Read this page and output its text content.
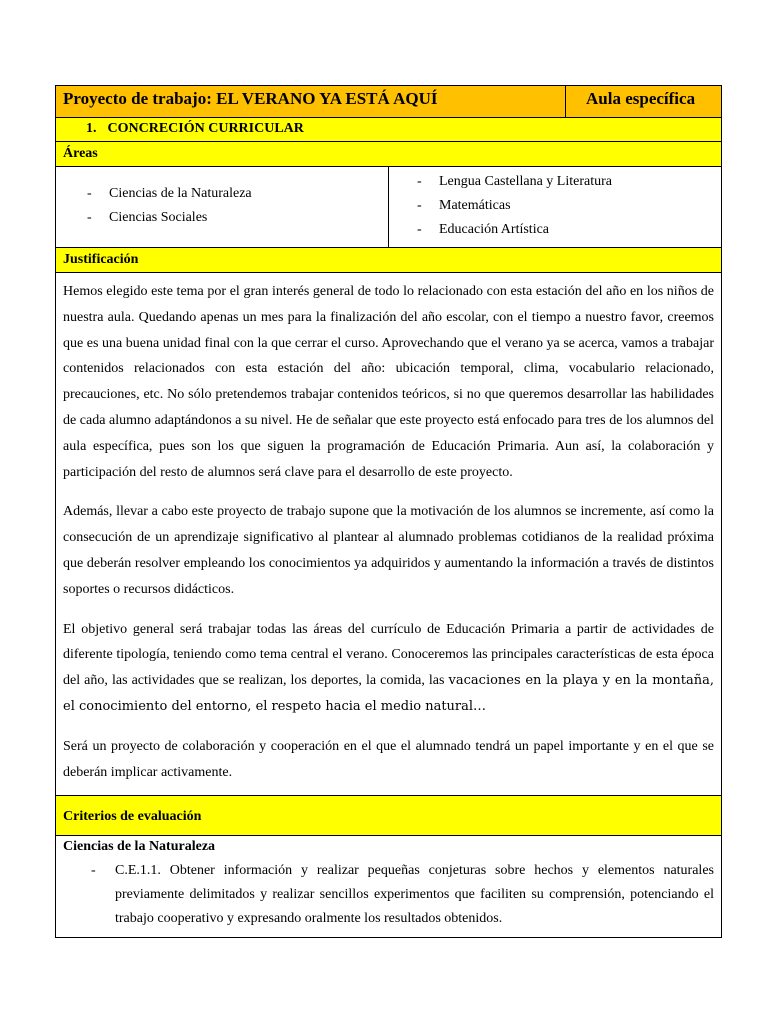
Proyecto de trabajo: EL VERANO YA ESTÁ AQUÍ	Aula específica
1. CONCRECIÓN CURRICULAR
Áreas
-	Ciencias de la Naturaleza
-	Ciencias Sociales
-	Lengua Castellana y Literatura
-	Matemáticas
-	Educación Artística
Justificación

Hemos elegido este tema por el gran interés general de todo lo relacionado con esta estación del año en los niños de nuestra aula. Quedando apenas un mes para la finalización del año escolar, con el tiempo a nuestro favor, creemos que es una buena unidad final con la que cerrar el curso. Aprovechando que el verano ya se acerca, vamos a trabajar contenidos relacionados con esta estación del año: ubicación temporal, clima, vocabulario relacionado, precauciones, etc. No sólo pretendemos trabajar contenidos teóricos, si no que queremos desarrollar las habilidades de cada alumno adaptándonos a su nivel. He de señalar que este proyecto está enfocado para tres de los alumnos del aula específica, pues son los que siguen la programación de Educación Primaria. Aun así, la colaboración y participación del resto de alumnos será clave para el desarrollo de este proyecto.

Además, llevar a cabo este proyecto de trabajo supone que la motivación de los alumnos se incremente, así como la consecución de un aprendizaje significativo al plantear al alumnado problemas cotidianos de la realidad próxima que deberán resolver empleando los conocimientos ya adquiridos y aumentando la información a través de distintos soportes o recursos didácticos.

El objetivo general será trabajar todas las áreas del currículo de Educación Primaria a partir de actividades de diferente tipología, teniendo como tema central el verano. Conoceremos las principales características de esta época del año, las actividades que se realizan, los deportes, la comida, las vacaciones en la playa y en la montaña, el conocimiento del entorno, el respeto hacia el medio natural…

Será un proyecto de colaboración y cooperación en el que el alumnado tendrá un papel importante y en el que se deberán implicar activamente.

Criterios de evaluación
Ciencias de la Naturaleza
-	C.E.1.1. Obtener información y realizar pequeñas conjeturas sobre hechos y elementos naturales previamente delimitados y realizar sencillos experimentos que faciliten su comprensión, potenciando el trabajo cooperativo y expresando oralmente los resultados obtenidos.
